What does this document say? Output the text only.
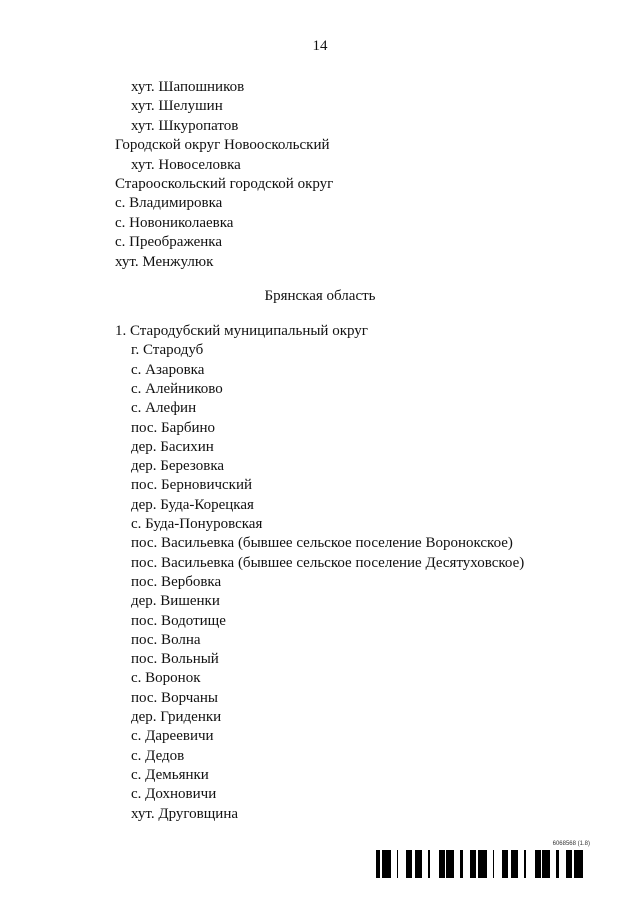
14
хут. Шапошников
хут. Шелушин
хут. Шкуропатов
Городской округ Новооскольский
хут. Новоселовка
Старооскольский городской округ
с. Владимировка
с. Новониколаевка
с. Преображенка
хут. Менжулюк
Брянская область
1. Стародубский муниципальный округ
г. Стародуб
с. Азаровка
с. Алейниково
с. Алефин
пос. Барбино
дер. Басихин
дер. Березовка
пос. Берновичский
дер. Буда-Корецкая
с. Буда-Понуровская
пос. Васильевка (бывшее сельское поселение Воронокское)
пос. Васильевка (бывшее сельское поселение Десятуховское)
пос. Вербовка
дер. Вишенки
пос. Водотище
пос. Волна
пос. Вольный
с. Воронок
пос. Ворчаны
дер. Гриденки
с. Дареевичи
с. Дедов
с. Демьянки
с. Дохновичи
хут. Друговщина
6068568 (1.8)
